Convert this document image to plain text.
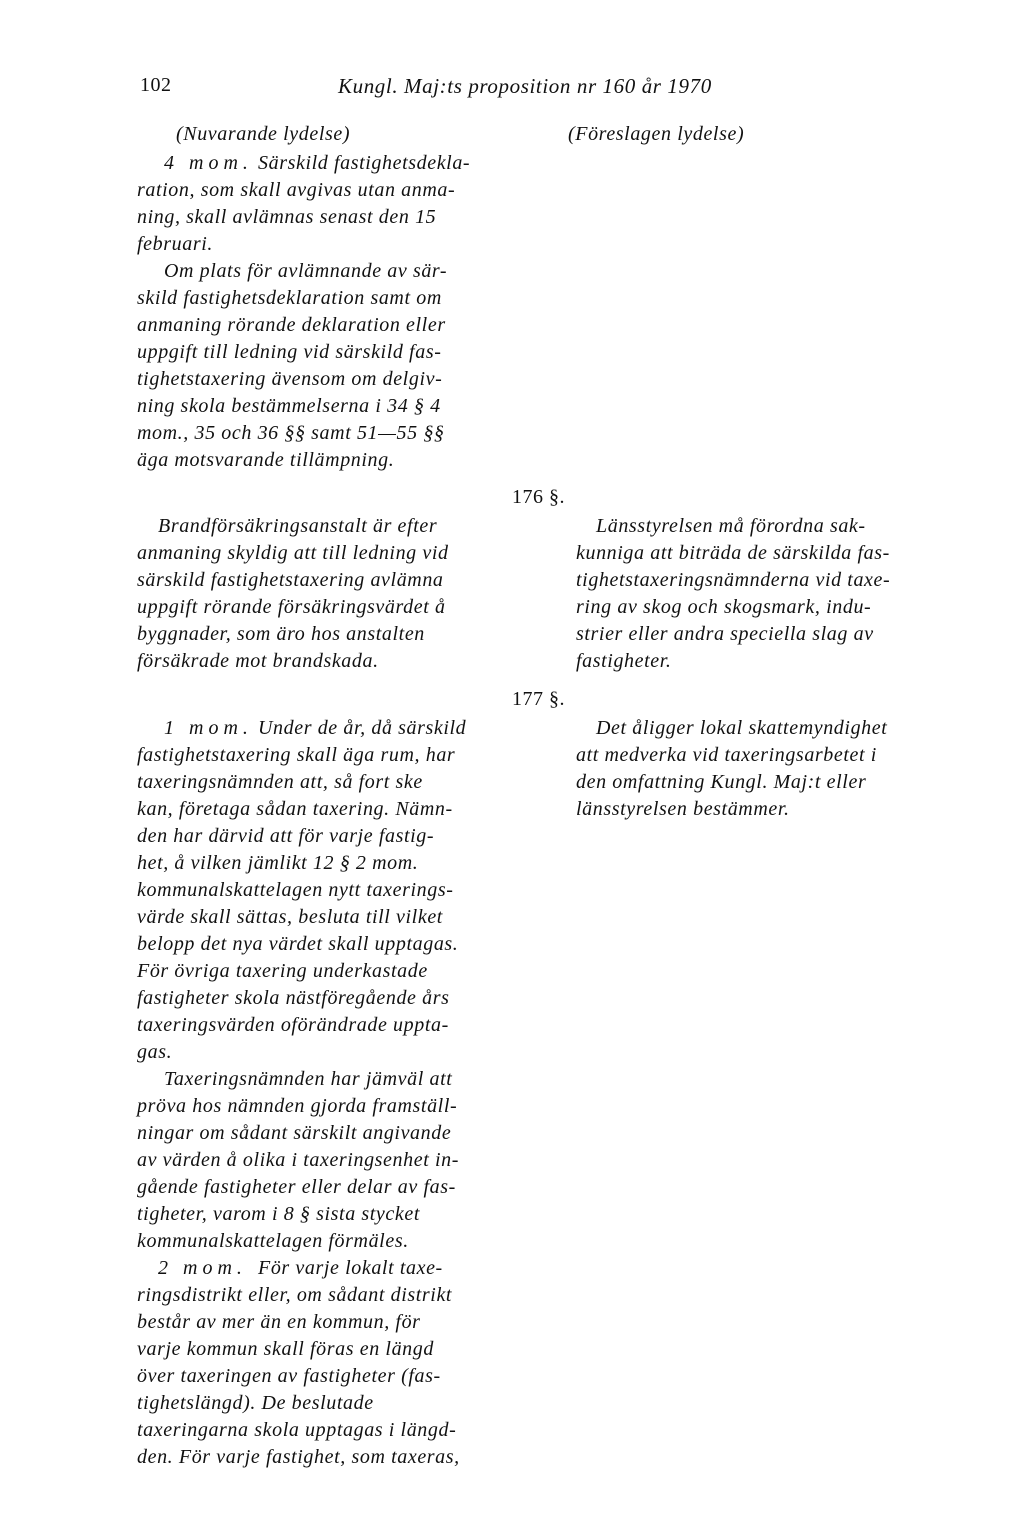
102	Kungl. Maj:ts proposition nr 160 år 1970
(Nuvarande lydelse)	(Föreslagen lydelse)
4 mom. Särskild fastighetsdekla-
ration, som skall avgivas utan anma-
ning, skall avlämnas senast den 15
februari.
Om plats för avlämnande av sär-
skild fastighetsdeklaration samt om
anmaning rörande deklaration eller
uppgift till ledning vid särskild fas-
tighetstaxering ävensom om delgiv-
ning skola bestämmelserna i 34 § 4
mom., 35 och 36 §§ samt 51—55 §§
äga motsvarande tillämpning.
176 §.
Brandförsäkringsanstalt är efter
anmaning skyldig att till ledning vid
särskild fastighetstaxering avlämna
uppgift rörande försäkringsvärdet å
byggnader, som äro hos anstalten
försäkrade mot brandskada.
Länsstyrelsen må förordna sak-
kunniga att biträda de särskilda fas-
tighetstaxeringsnämnderna vid taxe-
ring av skog och skogsmark, indu-
strier eller andra speciella slag av
fastigheter.
177 §.
1 mom. Under de år, då särskild
fastighetstaxering skall äga rum, har
taxeringsnämnden att, så fort ske
kan, företaga sådan taxering. Nämn-
den har därvid att för varje fastig-
het, å vilken jämlikt 12 § 2 mom.
kommunalskattelagen nytt taxerings-
värde skall sättas, besluta till vilket
belopp det nya värdet skall upptagas.
För övriga taxering underkastade
fastigheter skola nästföregående års
taxeringsvärden oförändrade uppta-
gas.
Taxeringsnämnden har jämväl att
pröva hos nämnden gjorda framställ-
ningar om sådant särskilt angivande
av värden å olika i taxeringsenhet in-
gående fastigheter eller delar av fas-
tigheter, varom i 8 § sista stycket
kommunalskattelagen förmäles.
2 mom. För varje lokalt taxe-
ringsdistrikt eller, om sådant distrikt
består av mer än en kommun, för
varje kommun skall föras en längd
över taxeringen av fastigheter (fas-
tighetslängd). De beslutade
taxeringarna skola upptagas i längd-
den. För varje fastighet, som taxeras,
Det åligger lokal skattemyndighet
att medverka vid taxeringsarbetet i
den omfattning Kungl. Maj:t eller
länsstyrelsen bestämmer.
